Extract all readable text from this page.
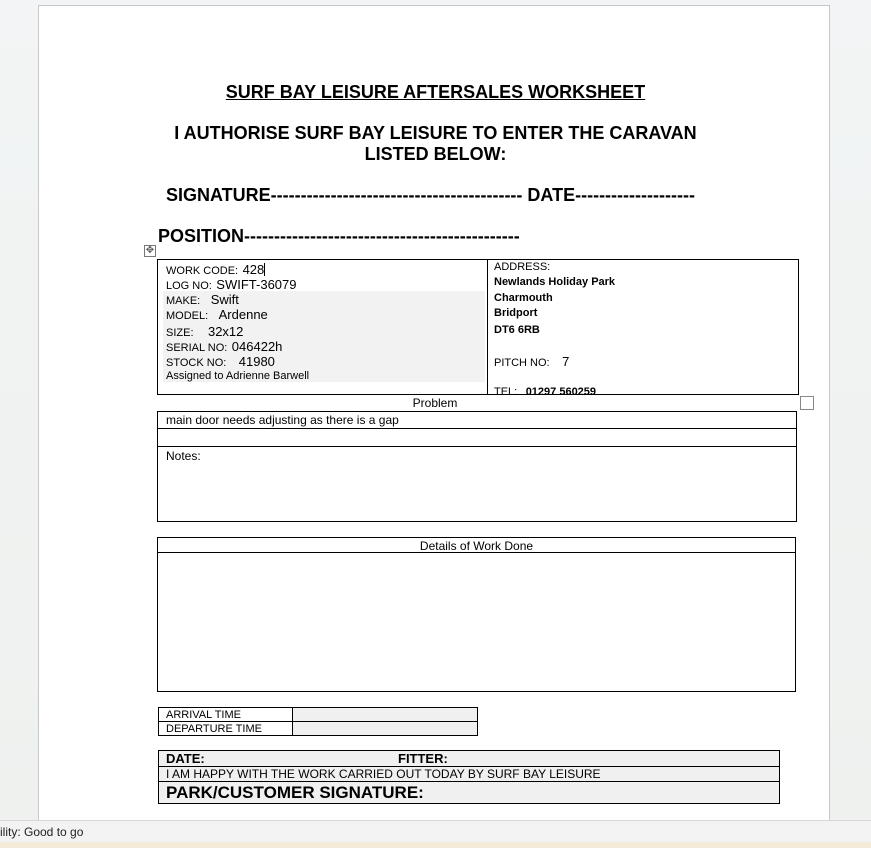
SURF BAY LEISURE AFTERSALES WORKSHEET
I AUTHORISE SURF BAY LEISURE TO ENTER THE CARAVAN
LISTED BELOW:
SIGNATURE------------------------------------------ DATE--------------------
POSITION----------------------------------------------
✥
WORK CODE: 428
LOG NO: SWIFT-36079
MAKE: Swift
MODEL: Ardenne
SIZE: 32x12
SERIAL NO: 046422h
STOCK NO: 41980
Assigned to Adrienne Barwell
ADDRESS:
Newlands Holiday Park
Charmouth
Bridport
DT6 6RB
PITCH NO: 7
TEL: 01297 560259
Problem
main door needs adjusting as there is a gap
Notes:
Details of Work Done
ARRIVAL TIME
DEPARTURE TIME
DATE:	FITTER:
I AM HAPPY WITH THE WORK CARRIED OUT TODAY BY SURF BAY LEISURE
PARK/CUSTOMER SIGNATURE:
ility: Good to go
